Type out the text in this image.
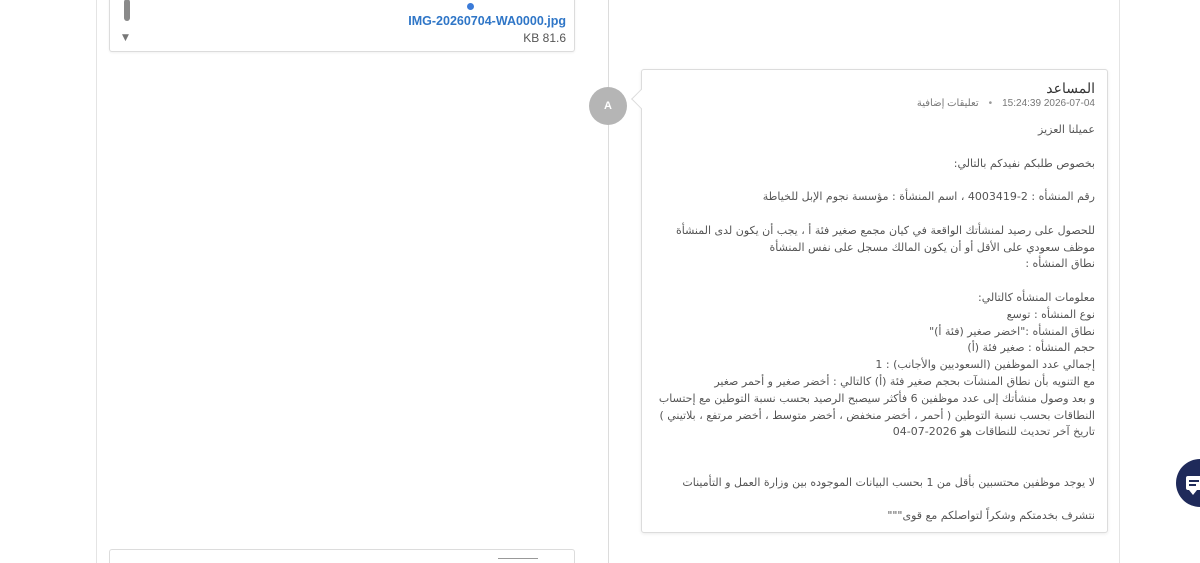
▼
IMG-20260704-WA0000.jpg
KB 81.6
A
المساعد
2026-07-04 15:24:39
•
تعليقات إضافية

عميلنا العزيز

بخصوص طلبكم نفيدكم بالتالي:

رقم المنشأه : 2-4003419 ، اسم المنشأة : مؤسسة نجوم الإبل للخياطة

للحصول على رصيد لمنشأتك الواقعة في كيان مجمع صغير فئة أ ، يجب أن يكون لدى المنشأة

موظف سعودي على الأقل أو أن يكون المالك مسجل على نفس المنشأة

نطاق المنشأه :

معلومات المنشأه كالتالي:

نوع المنشأه : توسع

نطاق المنشأه :"اخضر صغير (فئة أ)"

حجم المنشأه : صغير فئة (أ)

إجمالي عدد الموظفين (السعوديين والأجانب) : 1

مع التنويه بأن نطاق المنشآت بحجم صغير فئة (أ) كالتالي : أخضر صغير و أحمر صغير

و بعد وصول منشأتك إلى عدد موظفين 6 فأكثر سيصبح الرصيد بحسب نسبة التوطين مع إحتساب

النطاقات بحسب نسبة التوطين ( أحمر ، أخضر منخفض ، أخضر متوسط ، أخضر مرتفع ، بلاتيني )

تاريخ آخر تحديث للنطاقات هو 2026-07-04

لا يوجد موظفين محتسبين بأقل من 1 بحسب البيانات الموجوده بين وزارة العمل و التأمينات

نتشرف بخدمتكم وشكراً لتواصلكم مع قوى"""
